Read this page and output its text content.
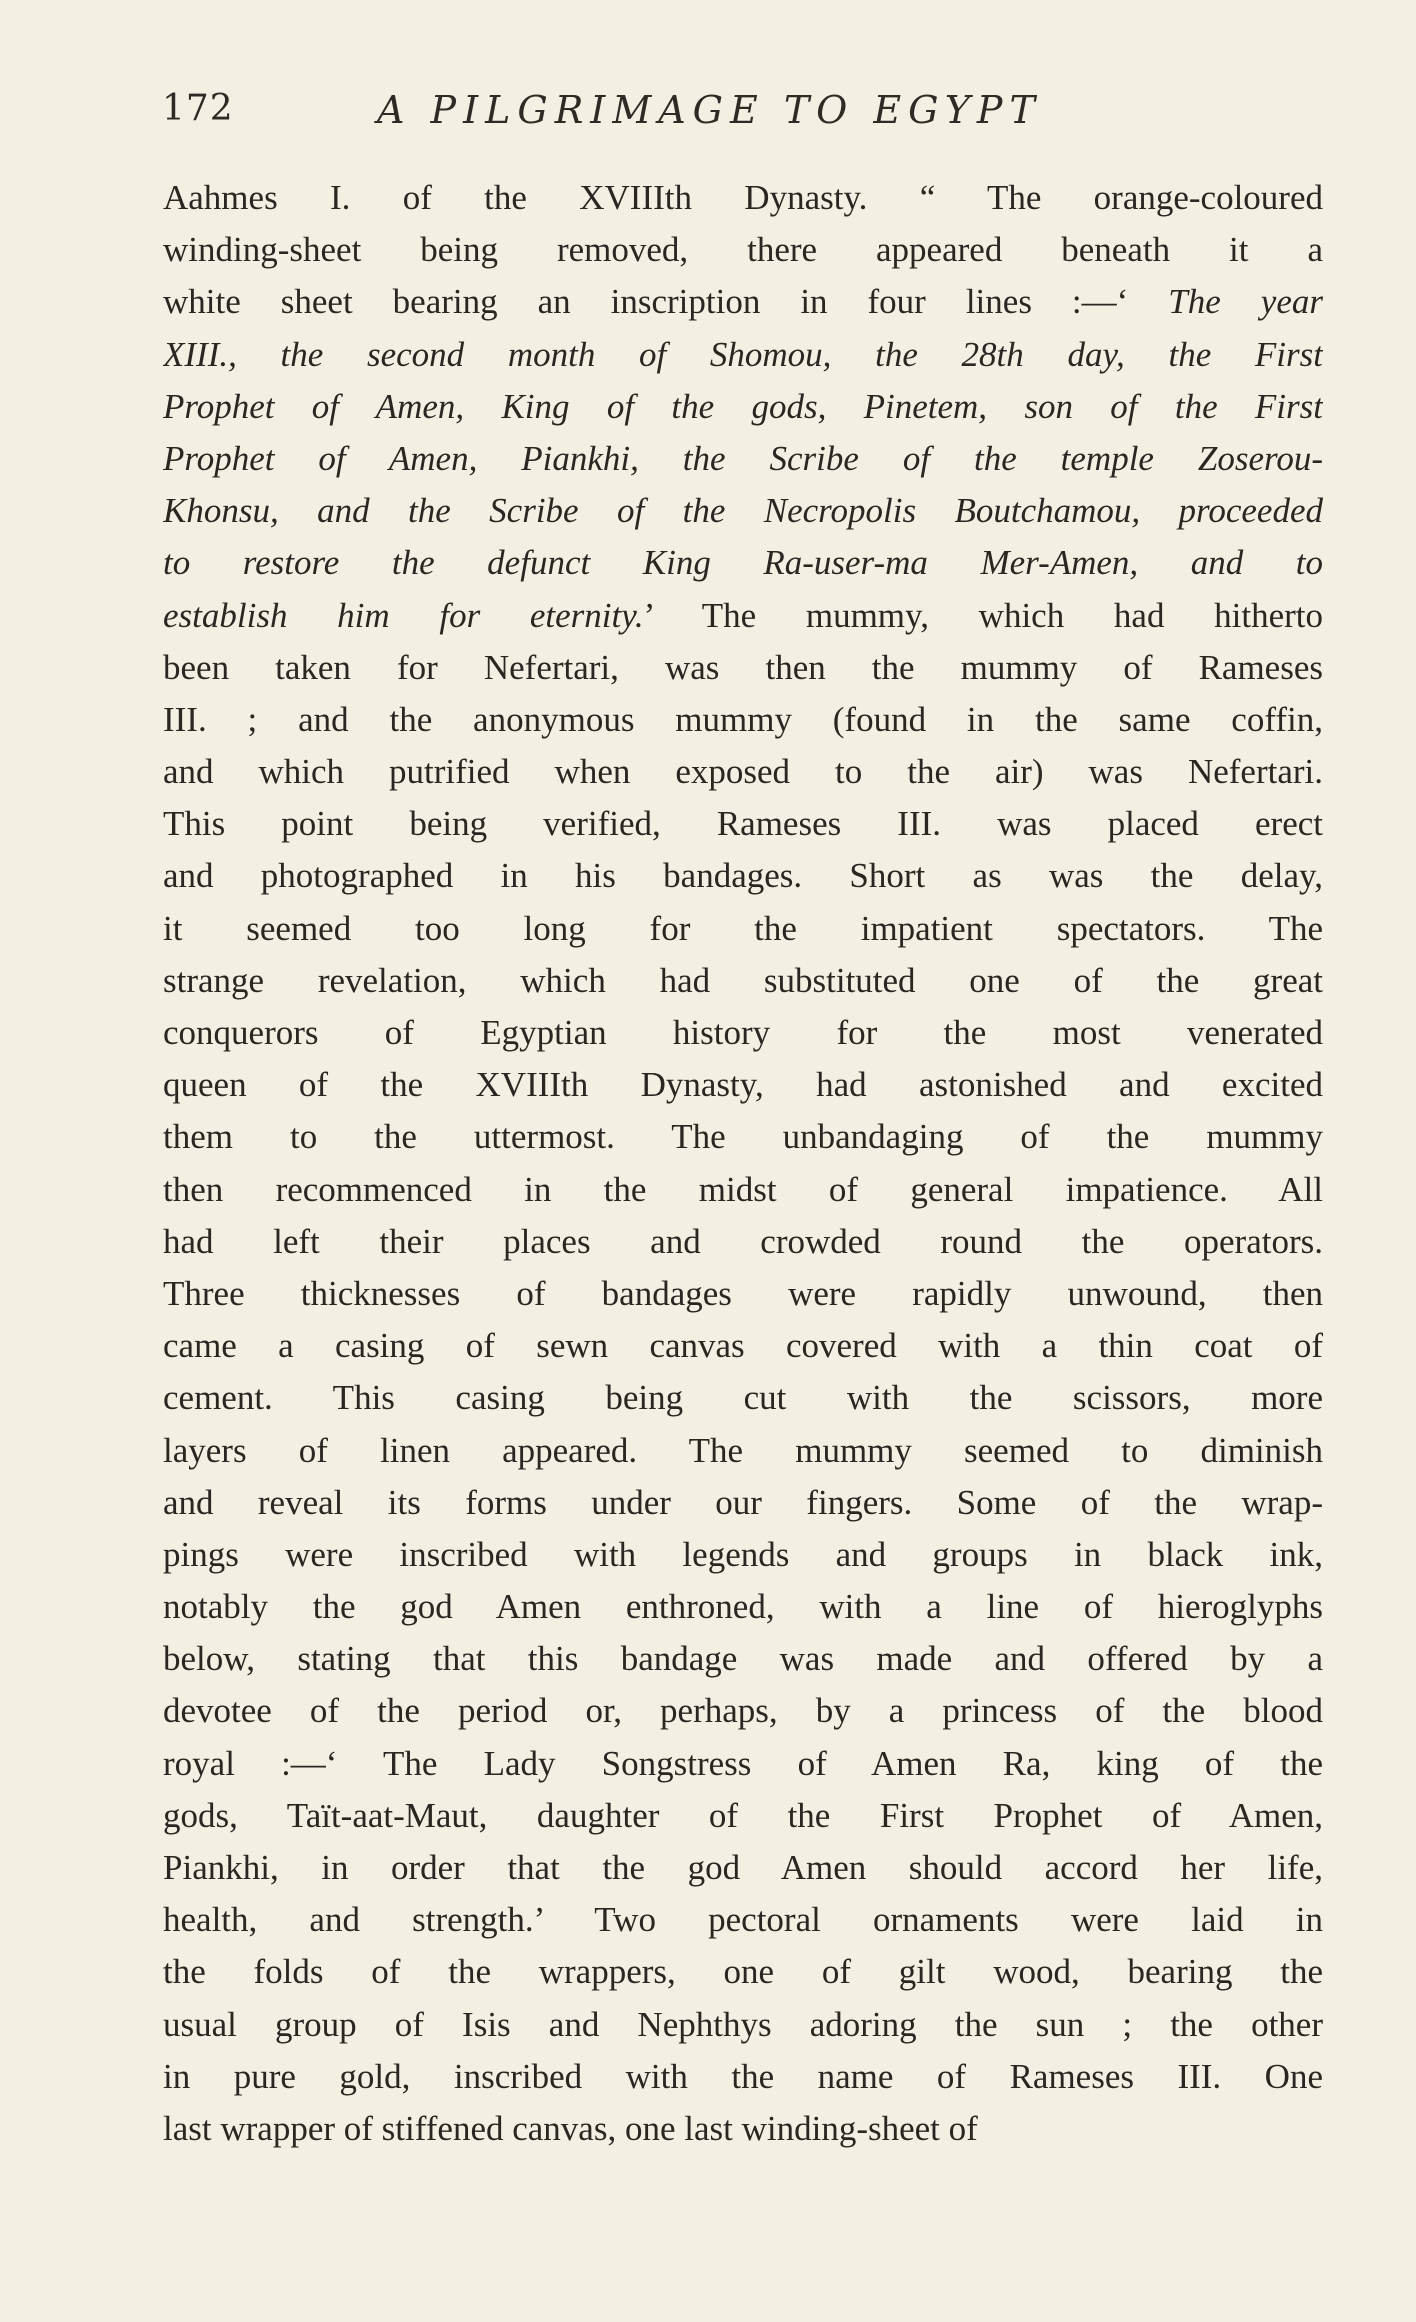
172	A PILGRIMAGE TO EGYPT
Aahmes I. of the XVIIIth Dynasty. “ The orange-coloured
winding-sheet being removed, there appeared beneath it a
white sheet bearing an inscription in four lines :—‘ The year
XIII., the second month of Shomou, the 28th day, the First
Prophet of Amen, King of the gods, Pinetem, son of the First
Prophet of Amen, Piankhi, the Scribe of the temple Zoserou-
Khonsu, and the Scribe of the Necropolis Boutchamou, proceeded
to restore the defunct King Ra-user-ma Mer-Amen, and to
establish him for eternity.’ The mummy, which had hitherto
been taken for Nefertari, was then the mummy of Rameses
III. ; and the anonymous mummy (found in the same coffin,
and which putrified when exposed to the air) was Nefertari.
This point being verified, Rameses III. was placed erect
and photographed in his bandages. Short as was the delay,
it seemed too long for the impatient spectators. The
strange revelation, which had substituted one of the great
conquerors of Egyptian history for the most venerated
queen of the XVIIIth Dynasty, had astonished and excited
them to the uttermost. The unbandaging of the mummy
then recommenced in the midst of general impatience. All
had left their places and crowded round the operators.
Three thicknesses of bandages were rapidly unwound, then
came a casing of sewn canvas covered with a thin coat of
cement. This casing being cut with the scissors, more
layers of linen appeared. The mummy seemed to diminish
and reveal its forms under our fingers. Some of the wrap-
pings were inscribed with legends and groups in black ink,
notably the god Amen enthroned, with a line of hieroglyphs
below, stating that this bandage was made and offered by a
devotee of the period or, perhaps, by a princess of the blood
royal :—‘ The Lady Songstress of Amen Ra, king of the
gods, Taït-aat-Maut, daughter of the First Prophet of Amen,
Piankhi, in order that the god Amen should accord her life,
health, and strength.’ Two pectoral ornaments were laid in
the folds of the wrappers, one of gilt wood, bearing the
usual group of Isis and Nephthys adoring the sun ; the other
in pure gold, inscribed with the name of Rameses III. One
last wrapper of stiffened canvas, one last winding-sheet of
